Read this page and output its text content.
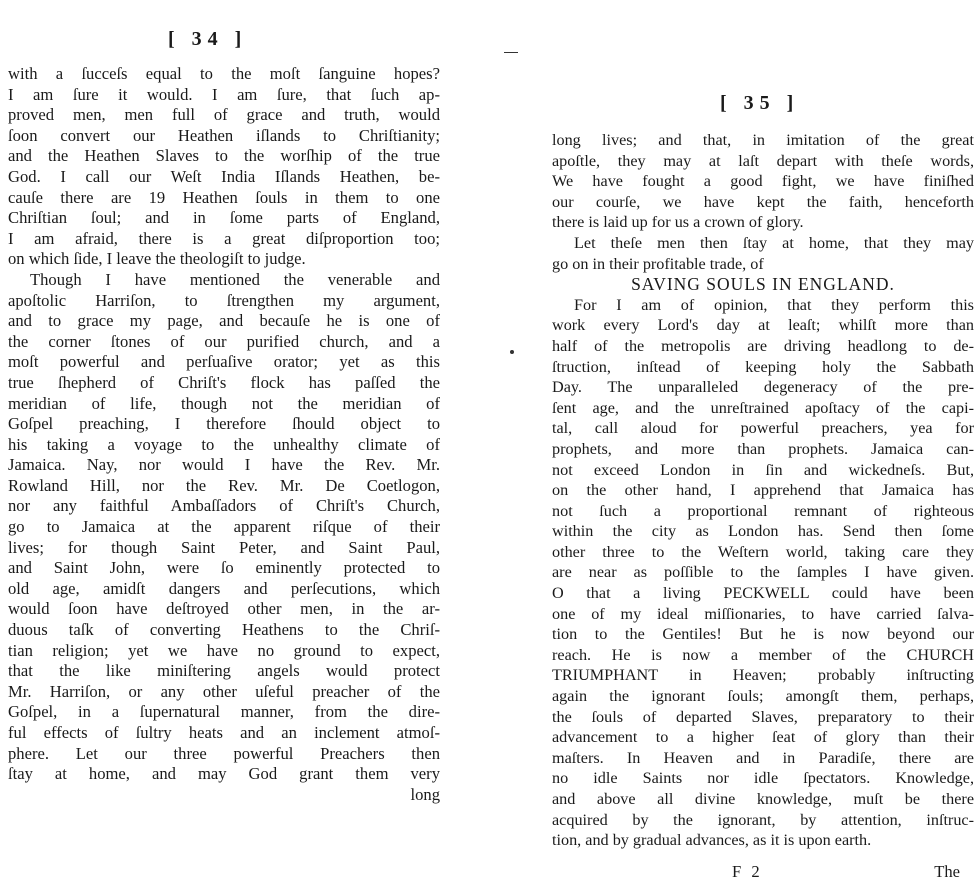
[ 34 ]
with a ſucceſs equal to the moſt ſanguine hopes?
I am ſure it would. I am ſure, that ſuch ap-
proved men, men full of grace and truth, would
ſoon convert our Heathen iſlands to Chriſtianity;
and the Heathen Slaves to the worſhip of the true
God. I call our Weſt India Iſlands Heathen, be-
cauſe there are 19 Heathen ſouls in them to one
Chriſtian ſoul; and in ſome parts of England,
I am afraid, there is a great diſproportion too;
on which ſide, I leave the theologiſt to judge.
Though I have mentioned the venerable and
apoſtolic Harriſon, to ſtrengthen my argument,
and to grace my page, and becauſe he is one of
the corner ſtones of our purified church, and a
moſt powerful and perſuaſive orator; yet as this
true ſhepherd of Chriſt's flock has paſſed the
meridian of life, though not the meridian of
Goſpel preaching, I therefore ſhould object to
his taking a voyage to the unhealthy climate of
Jamaica. Nay, nor would I have the Rev. Mr.
Rowland Hill, nor the Rev. Mr. De Coetlogon,
nor any faithful Ambaſſadors of Chriſt's Church,
go to Jamaica at the apparent riſque of their
lives; for though Saint Peter, and Saint Paul,
and Saint John, were ſo eminently protected to
old age, amidſt dangers and perſecutions, which
would ſoon have deſtroyed other men, in the ar-
duous taſk of converting Heathens to the Chriſ-
tian religion; yet we have no ground to expect,
that the like miniſtering angels would protect
Mr. Harriſon, or any other uſeful preacher of the
Goſpel, in a ſupernatural manner, from the dire-
ful effects of ſultry heats and an inclement atmoſ-
phere. Let our three powerful Preachers then
ſtay at home, and may God grant them very
long
[ 35 ]
long lives; and that, in imitation of the great
apoſtle, they may at laſt depart with theſe words,
We have fought a good fight, we have finiſhed
our courſe, we have kept the faith, henceforth
there is laid up for us a crown of glory.
Let theſe men then ſtay at home, that they may
go on in their profitable trade, of
SAVING SOULS IN ENGLAND.
For I am of opinion, that they perform this
work every Lord's day at leaſt; whilſt more than
half of the metropolis are driving headlong to de-
ſtruction, inſtead of keeping holy the Sabbath
Day. The unparalleled degeneracy of the pre-
ſent age, and the unreſtrained apoſtacy of the capi-
tal, call aloud for powerful preachers, yea for
prophets, and more than prophets. Jamaica can-
not exceed London in ſin and wickedneſs. But,
on the other hand, I apprehend that Jamaica has
not ſuch a proportional remnant of righteous
within the city as London has. Send then ſome
other three to the Weſtern world, taking care they
are near as poſſible to the ſamples I have given.
O that a living PECKWELL could have been
one of my ideal miſſionaries, to have carried ſalva-
tion to the Gentiles! But he is now beyond our
reach. He is now a member of the CHURCH
TRIUMPHANT in Heaven; probably inſtructing
again the ignorant ſouls; amongſt them, perhaps,
the ſouls of departed Slaves, preparatory to their
advancement to a higher ſeat of glory than their
maſters. In Heaven and in Paradiſe, there are
no idle Saints nor idle ſpectators. Knowledge,
and above all divine knowledge, muſt be there
acquired by the ignorant, by attention, inſtruc-
tion, and by gradual advances, as it is upon earth.
F 2	The
